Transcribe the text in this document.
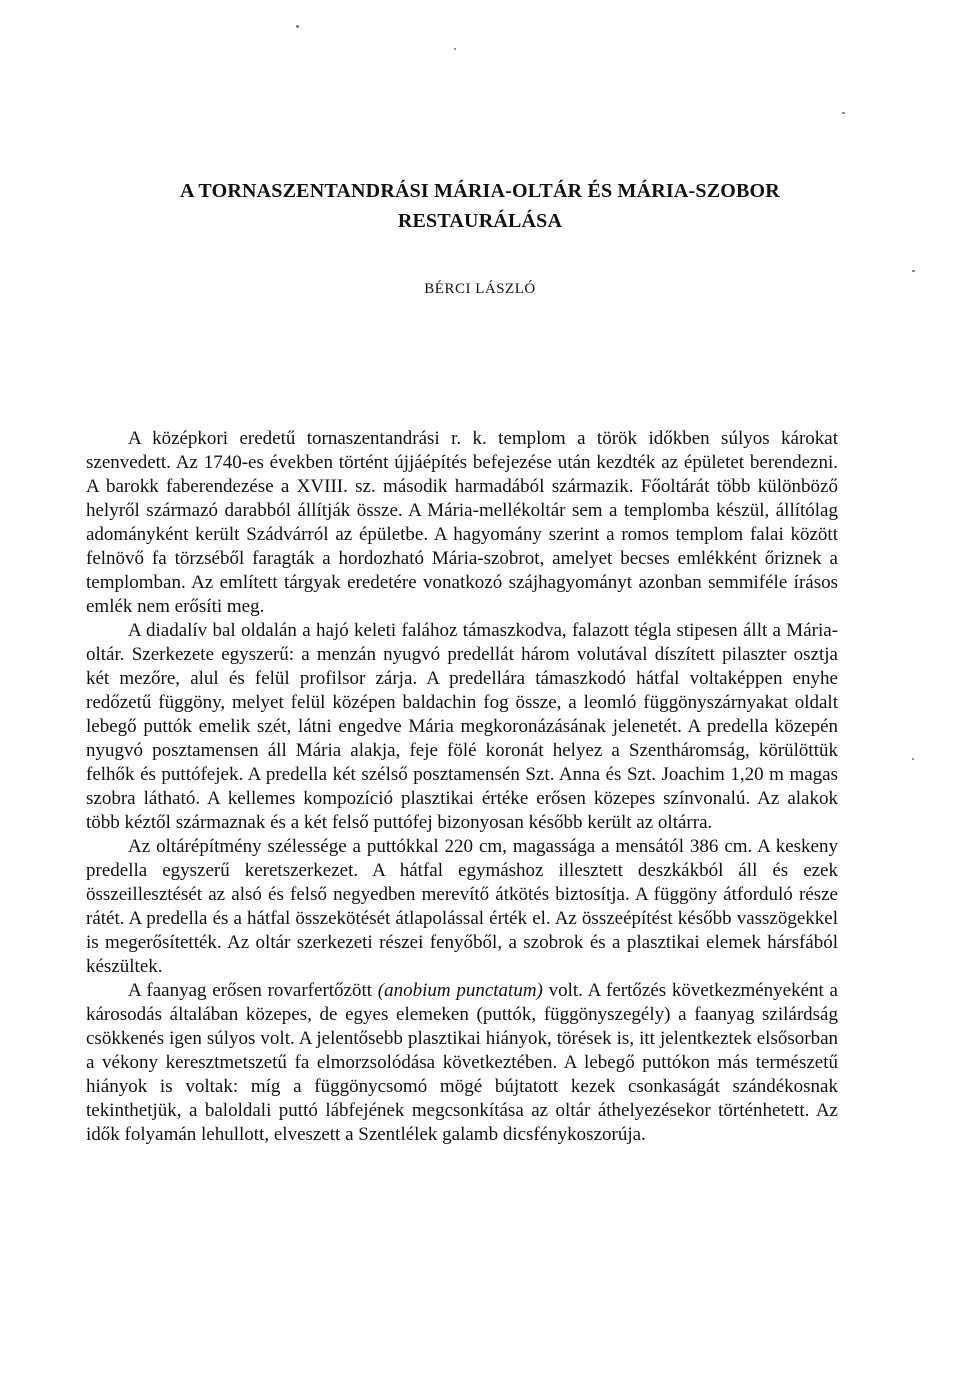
A TORNASZENTANDRÁSI MÁRIA-OLTÁR ÉS MÁRIA-SZOBOR
RESTAURÁLÁSA
BÉRCI LÁSZLÓ

A középkori eredetű tornaszentandrási r. k. templom a török időkben súlyos károkat szenvedett. Az 1740-es években történt újjáépítés befejezése után kezdték az épületet berendezni. A barokk faberendezése a XVIII. sz. második harmadából származik. Főoltárát több különböző helyről származó darabból állítják össze. A Mária-mellékoltár sem a templomba készül, állítólag adományként került Szádvárról az épületbe. A hagyomány szerint a romos templom falai között felnövő fa törzséből faragták a hordozható Mária-szobrot, amelyet becses emlékként őriznek a templomban. Az említett tárgyak eredetére vonatkozó szájhagyományt azonban semmiféle írásos emlék nem erősíti meg.

A diadalív bal oldalán a hajó keleti falához támaszkodva, falazott tégla stipesen állt a Mária-oltár. Szerkezete egyszerű: a menzán nyugvó predellát három volutával díszített pilaszter osztja két mezőre, alul és felül profilsor zárja. A predellára támaszkodó hátfal voltaképpen enyhe redőzetű függöny, melyet felül középen baldachin fog össze, a leomló függönyszárnyakat oldalt lebegő puttók emelik szét, látni engedve Mária megkoronázásának jelenetét. A predella közepén nyugvó posztamensen áll Mária alakja, feje fölé koronát helyez a Szentháromság, körülöttük felhők és puttófejek. A predella két szélső posztamensén Szt. Anna és Szt. Joachim 1,20 m magas szobra látható. A kellemes kompozíció plasztikai értéke erősen közepes színvonalú. Az alakok több kéztől származnak és a két felső puttófej bizonyosan később került az oltárra.

Az oltárépítmény szélessége a puttókkal 220 cm, magassága a mensától 386 cm. A keskeny predella egyszerű keretszerkezet. A hátfal egymáshoz illesztett deszkákból áll és ezek összeillesztését az alsó és felső negyedben merevítő átkötés biztosítja. A függöny átforduló része rátét. A predella és a hátfal összekötését átlapolással érték el. Az összeépítést később vasszögekkel is megerősítették. Az oltár szerkezeti részei fenyőből, a szobrok és a plasztikai elemek hársfából készültek.

A faanyag erősen rovarfertőzött (anobium punctatum) volt. A fertőzés következményeként a károsodás általában közepes, de egyes elemeken (puttók, függönyszegély) a faanyag szilárdság csökkenés igen súlyos volt. A jelentősebb plasztikai hiányok, törések is, itt jelentkeztek elsősorban a vékony keresztmetszetű fa elmorzsolódása következtében. A lebegő puttókon más természetű hiányok is voltak: míg a függönycsomó mögé bújtatott kezek csonkaságát szándékosnak tekinthetjük, a baloldali puttó lábfejének megcsonkítása az oltár áthelyezésekor történhetett. Az idők folyamán lehullott, elveszett a Szentlélek galamb dicsfénykoszorúja.
